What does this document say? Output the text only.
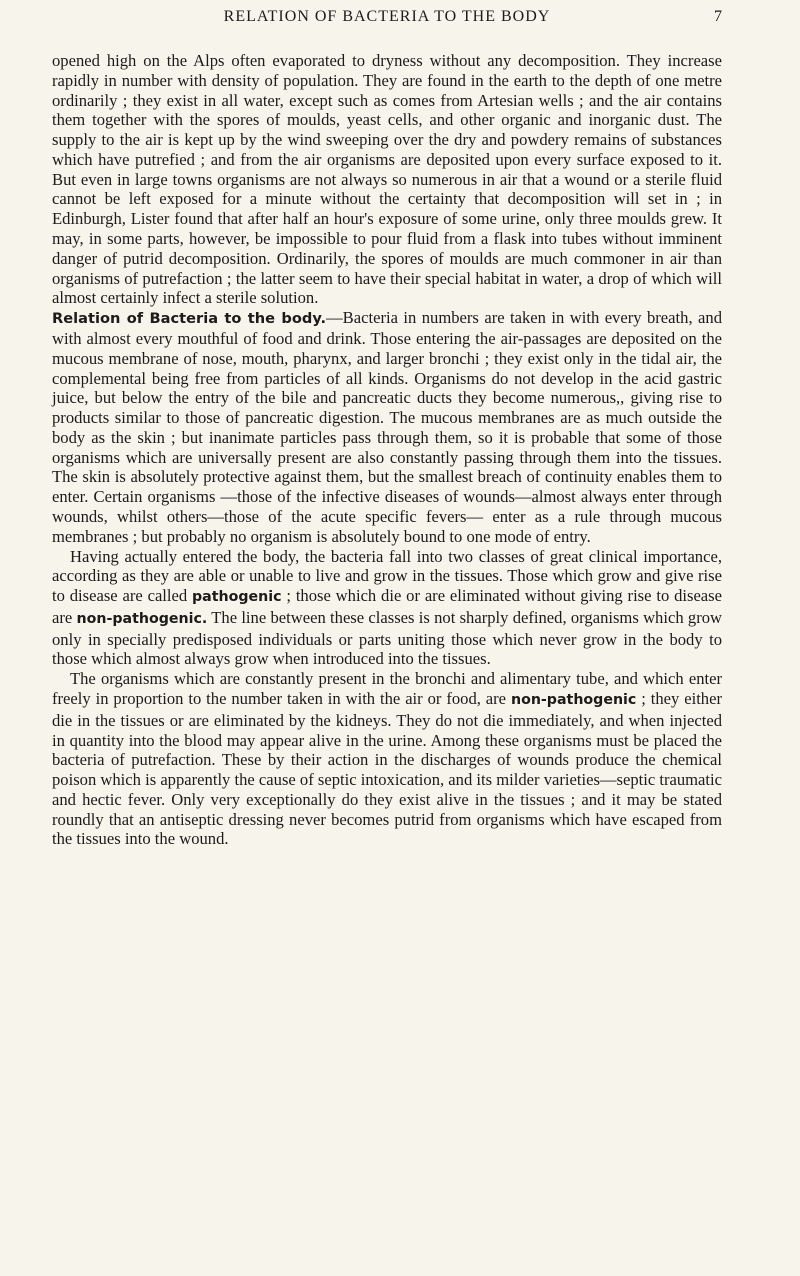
RELATION OF BACTERIA TO THE BODY	7

opened high on the Alps often evaporated to dryness without any decomposition. They increase rapidly in number with density of population. They are found in the earth to the depth of one metre ordinarily ; they exist in all water, except such as comes from Artesian wells ; and the air contains them together with the spores of moulds, yeast cells, and other organic and inorganic dust. The supply to the air is kept up by the wind sweeping over the dry and powdery remains of substances which have putrefied ; and from the air organisms are deposited upon every surface exposed to it. But even in large towns organisms are not always so numerous in air that a wound or a sterile fluid cannot be left exposed for a minute without the certainty that decomposition will set in ; in Edinburgh, Lister found that after half an hour's exposure of some urine, only three moulds grew. It may, in some parts, however, be impossible to pour fluid from a flask into tubes without imminent danger of putrid decomposition. Ordinarily, the spores of moulds are much commoner in air than organisms of putrefaction ; the latter seem to have their special habitat in water, a drop of which will almost certainly infect a sterile solution.

Relation of Bacteria to the body.—Bacteria in numbers are taken in with every breath, and with almost every mouthful of food and drink. Those entering the air-passages are deposited on the mucous membrane of nose, mouth, pharynx, and larger bronchi ; they exist only in the tidal air, the complemental being free from particles of all kinds. Organisms do not develop in the acid gastric juice, but below the entry of the bile and pancreatic ducts they become numerous,, giving rise to products similar to those of pancreatic digestion. The mucous membranes are as much outside the body as the skin ; but inanimate particles pass through them, so it is probable that some of those organisms which are universally present are also constantly passing through them into the tissues. The skin is absolutely protective against them, but the smallest breach of continuity enables them to enter. Certain organisms —those of the infective diseases of wounds—almost always enter through wounds, whilst others—those of the acute specific fevers— enter as a rule through mucous membranes ; but probably no organism is absolutely bound to one mode of entry.

Having actually entered the body, the bacteria fall into two classes of great clinical importance, according as they are able or unable to live and grow in the tissues. Those which grow and give rise to disease are called pathogenic ; those which die or are eliminated without giving rise to disease are non-pathogenic. The line between these classes is not sharply defined, organisms which grow only in specially predisposed individuals or parts uniting those which never grow in the body to those which almost always grow when introduced into the tissues.

The organisms which are constantly present in the bronchi and alimentary tube, and which enter freely in proportion to the number taken in with the air or food, are non-pathogenic ; they either die in the tissues or are eliminated by the kidneys. They do not die immediately, and when injected in quantity into the blood may appear alive in the urine. Among these organisms must be placed the bacteria of putrefaction. These by their action in the discharges of wounds produce the chemical poison which is apparently the cause of septic intoxication, and its milder varieties—septic traumatic and hectic fever. Only very exceptionally do they exist alive in the tissues ; and it may be stated roundly that an antiseptic dressing never becomes putrid from organisms which have escaped from the tissues into the wound.
